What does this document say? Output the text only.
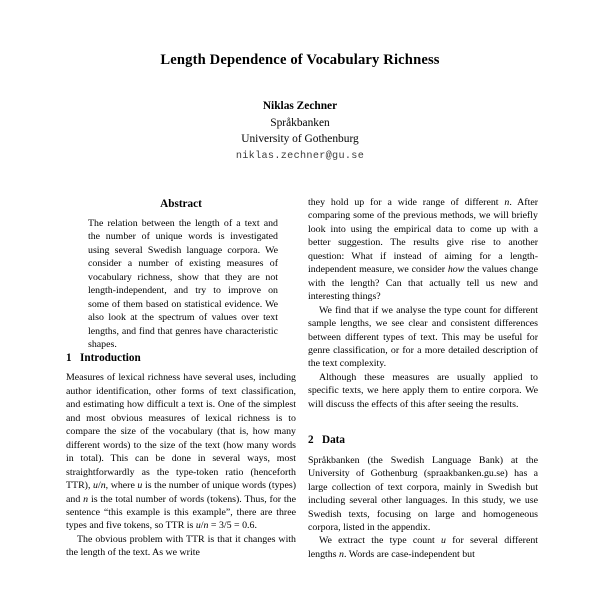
Length Dependence of Vocabulary Richness
Niklas Zechner
Språkbanken
University of Gothenburg
niklas.zechner@gu.se
Abstract
The relation between the length of a text and the number of unique words is investigated using several Swedish language corpora. We consider a number of existing measures of vocabulary richness, show that they are not length-independent, and try to improve on some of them based on statistical evidence. We also look at the spectrum of values over text lengths, and find that genres have characteristic shapes.
1 Introduction

Measures of lexical richness have several uses, including author identification, other forms of text classification, and estimating how difficult a text is. One of the simplest and most obvious measures of lexical richness is to compare the size of the vocabulary (that is, how many different words) to the size of the text (how many words in total). This can be done in several ways, most straightforwardly as the type-token ratio (henceforth TTR), u/n, where u is the number of unique words (types) and n is the total number of words (tokens). Thus, for the sentence “this example is this example”, there are three types and five tokens, so TTR is u/n = 3/5 = 0.6.

The obvious problem with TTR is that it changes with the length of the text. As we write

they hold up for a wide range of different n. After comparing some of the previous methods, we will briefly look into using the empirical data to come up with a better suggestion. The results give rise to another question: What if instead of aiming for a length-independent measure, we consider how the values change with the length? Can that actually tell us new and interesting things?

We find that if we analyse the type count for different sample lengths, we see clear and consistent differences between different types of text. This may be useful for genre classification, or for a more detailed description of the text complexity.

Although these measures are usually applied to specific texts, we here apply them to entire corpora. We will discuss the effects of this after seeing the results.

2 Data

Språkbanken (the Swedish Language Bank) at the University of Gothenburg (spraakbanken.gu.se) has a large collection of text corpora, mainly in Swedish but including several other languages. In this study, we use Swedish texts, focusing on large and homogeneous corpora, listed in the appendix.

We extract the type count u for several different lengths n. Words are case-independent but
